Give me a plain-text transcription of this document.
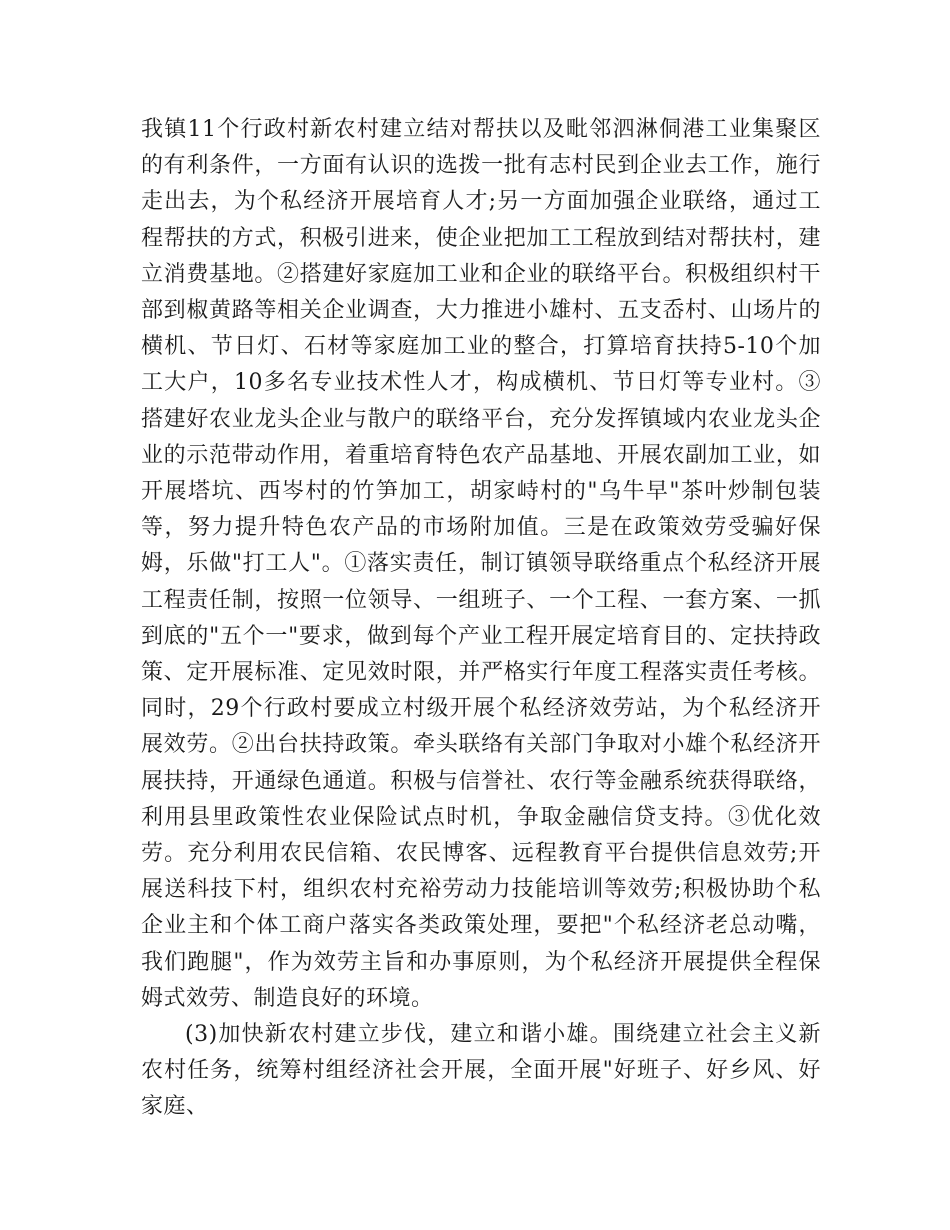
我镇11个行政村新农村建立结对帮扶以及毗邻泗淋侗港工业集聚区的有利条件，一方面有认识的选拨一批有志村民到企业去工作，施行走出去，为个私经济开展培育人才;另一方面加强企业联络，通过工程帮扶的方式，积极引进来，使企业把加工工程放到结对帮扶村，建立消费基地。②搭建好家庭加工业和企业的联络平台。积极组织村干部到椒黄路等相关企业调查，大力推进小雄村、五支岙村、山场片的横机、节日灯、石材等家庭加工业的整合，打算培育扶持5-10个加工大户，10多名专业技术性人才，构成横机、节日灯等专业村。③搭建好农业龙头企业与散户的联络平台，充分发挥镇域内农业龙头企业的示范带动作用，着重培育特色农产品基地、开展农副加工业，如开展塔坑、西岑村的竹笋加工，胡家峙村的"乌牛早"茶叶炒制包装等，努力提升特色农产品的市场附加值。三是在政策效劳受骗好保姆，乐做"打工人"。①落实责任，制订镇领导联络重点个私经济开展工程责任制，按照一位领导、一组班子、一个工程、一套方案、一抓到底的"五个一"要求，做到每个产业工程开展定培育目的、定扶持政策、定开展标准、定见效时限，并严格实行年度工程落实责任考核。同时，29个行政村要成立村级开展个私经济效劳站，为个私经济开展效劳。②出台扶持政策。牵头联络有关部门争取对小雄个私经济开展扶持，开通绿色通道。积极与信誉社、农行等金融系统获得联络，利用县里政策性农业保险试点时机，争取金融信贷支持。③优化效劳。充分利用农民信箱、农民博客、远程教育平台提供信息效劳;开展送科技下村，组织农村充裕劳动力技能培训等效劳;积极协助个私企业主和个体工商户落实各类政策处理，要把"个私经济老总动嘴，我们跑腿"，作为效劳主旨和办事原则，为个私经济开展提供全程保姆式效劳、制造良好的环境。

(3)加快新农村建立步伐，建立和谐小雄。围绕建立社会主义新农村任务，统筹村组经济社会开展，全面开展"好班子、好乡风、好家庭、
